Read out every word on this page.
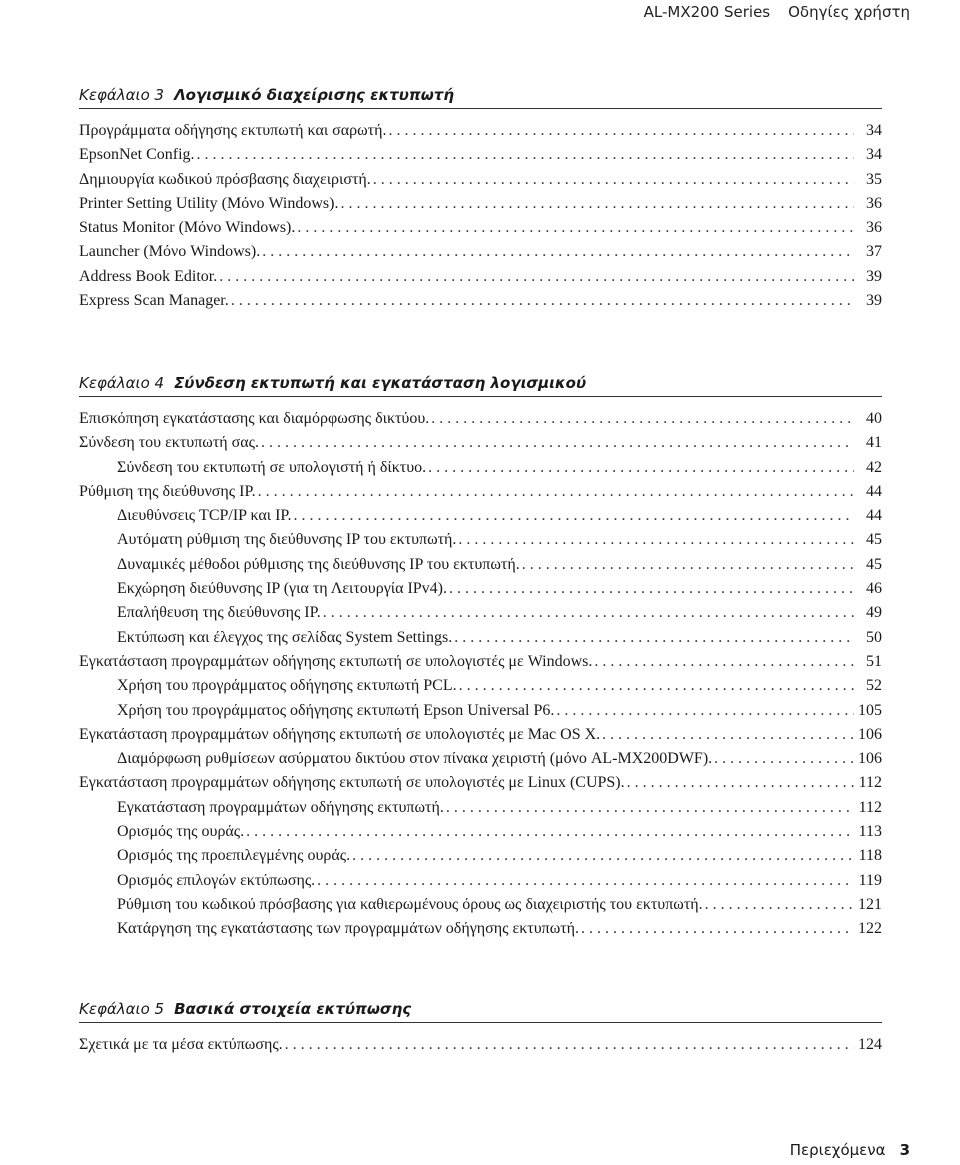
AL-MX200 Series Οδηγίες χρήστη
Κεφάλαιο 3 Λογισμικό διαχείρισης εκτυπωτή
Προγράμματα οδήγησης εκτυπωτή και σαρωτή. . . .	34
EpsonNet Config. . . .	34
Δημιουργία κωδικού πρόσβασης διαχειριστή. . . .	35
Printer Setting Utility (Μόνο Windows). . . .	36
Status Monitor (Μόνο Windows). . . .	36
Launcher (Μόνο Windows). . . .	37
Address Book Editor. . . .	39
Express Scan Manager. . . .	39
Κεφάλαιο 4 Σύνδεση εκτυπωτή και εγκατάσταση λογισμικού
Επισκόπηση εγκατάστασης και διαμόρφωσης δικτύου. . . .	40
Σύνδεση του εκτυπωτή σας. . . .	41
Σύνδεση του εκτυπωτή σε υπολογιστή ή δίκτυο. . . .	42
Ρύθμιση της διεύθυνσης IP. . . .	44
Διευθύνσεις TCP/IP και IP. . . .	44
Αυτόματη ρύθμιση της διεύθυνσης IP του εκτυπωτή. . . .	45
Δυναμικές μέθοδοι ρύθμισης της διεύθυνσης IP του εκτυπωτή. . . .	45
Εκχώρηση διεύθυνσης IP (για τη Λειτουργία IPv4). . . .	46
Επαλήθευση της διεύθυνσης IP. . . .	49
Εκτύπωση και έλεγχος της σελίδας System Settings. . . .	50
Εγκατάσταση προγραμμάτων οδήγησης εκτυπωτή σε υπολογιστές με Windows. . . .	51
Χρήση του προγράμματος οδήγησης εκτυπωτή PCL. . . .	52
Χρήση του προγράμματος οδήγησης εκτυπωτή Epson Universal P6. . . .	105
Εγκατάσταση προγραμμάτων οδήγησης εκτυπωτή σε υπολογιστές με Mac OS X. . . .	106
Διαμόρφωση ρυθμίσεων ασύρματου δικτύου στον πίνακα χειριστή (μόνο AL-MX200DWF). . . .	106
Εγκατάσταση προγραμμάτων οδήγησης εκτυπωτή σε υπολογιστές με Linux (CUPS). . . .	112
Εγκατάσταση προγραμμάτων οδήγησης εκτυπωτή. . . .	112
Ορισμός της ουράς. . . .	113
Ορισμός της προεπιλεγμένης ουράς. . . .	118
Ορισμός επιλογών εκτύπωσης. . . .	119
Ρύθμιση του κωδικού πρόσβασης για καθιερωμένους όρους ως διαχειριστής του εκτυπωτή. . . .	121
Κατάργηση της εγκατάστασης των προγραμμάτων οδήγησης εκτυπωτή. . . .	122
Κεφάλαιο 5 Βασικά στοιχεία εκτύπωσης
Σχετικά με τα μέσα εκτύπωσης. . . .	124
Περιεχόμενα 3
